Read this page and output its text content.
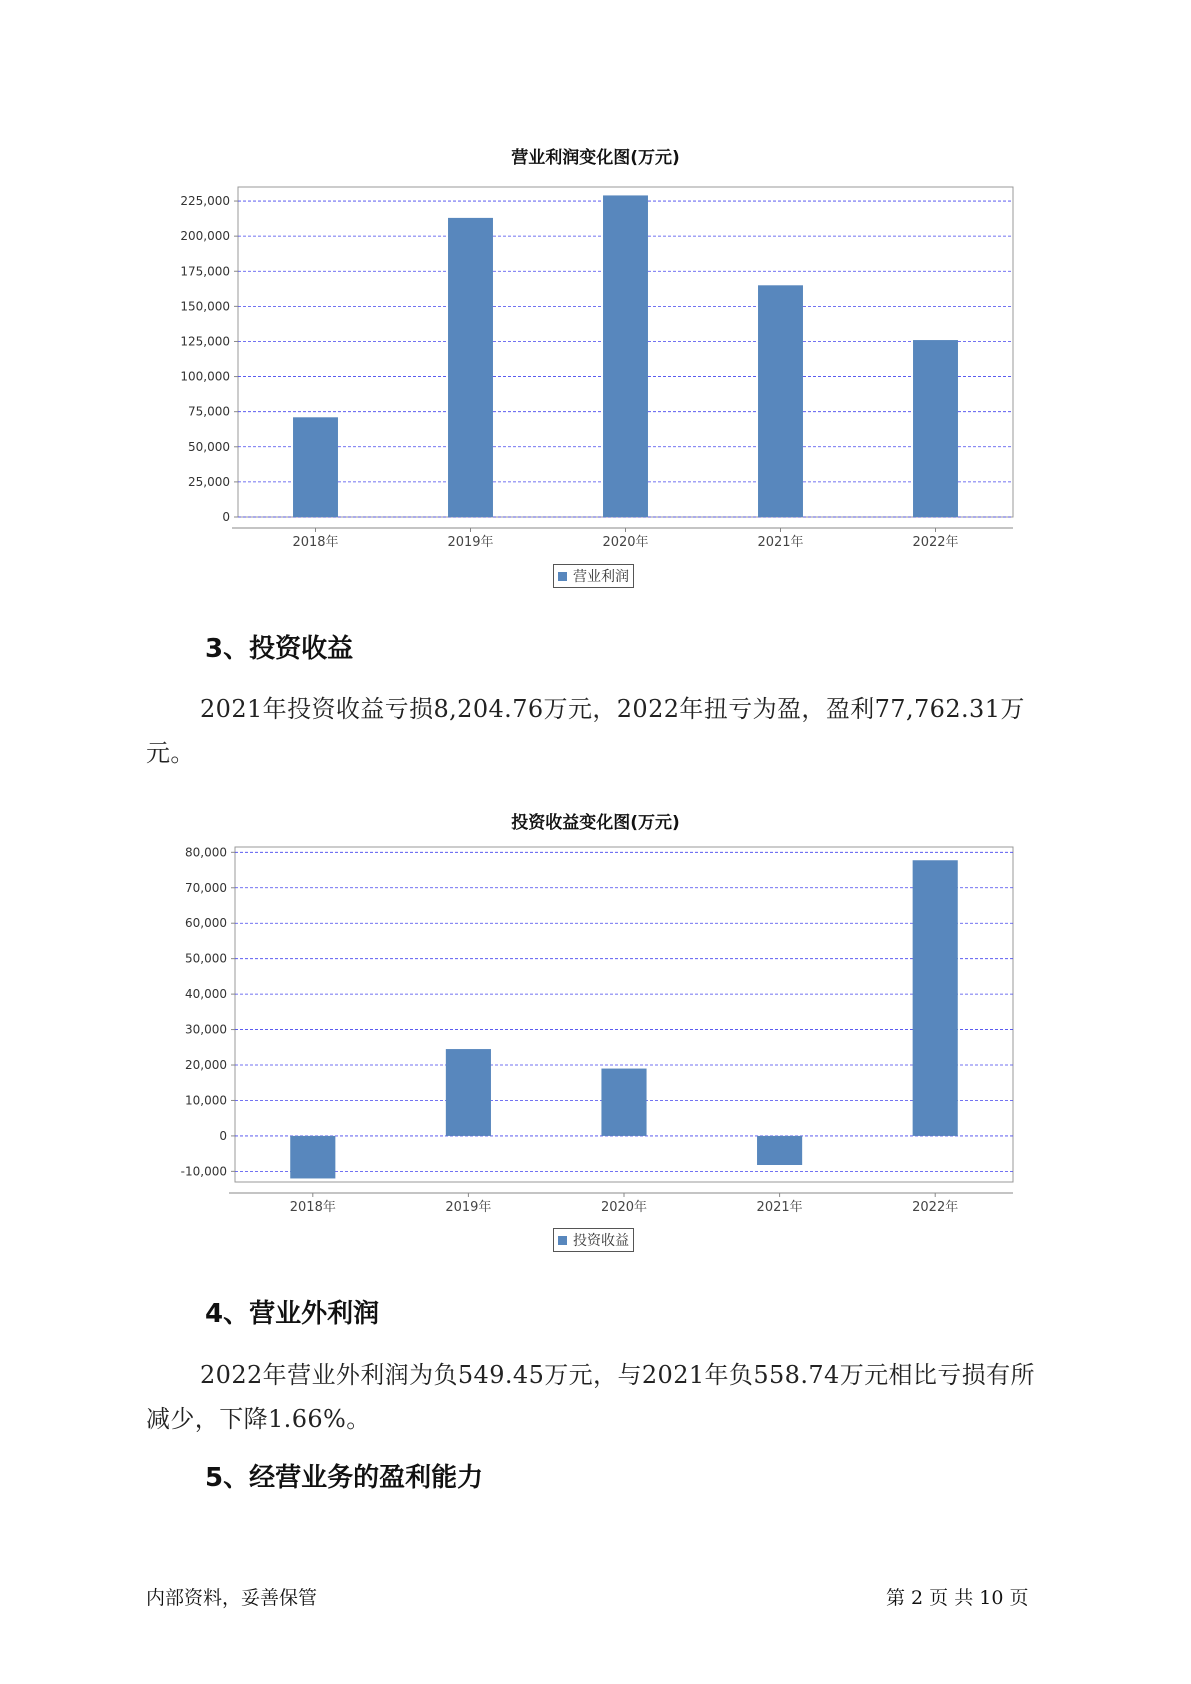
营业利润变化图(万元)
0
25,000
50,000
75,000
100,000
125,000
150,000
175,000
200,000
225,000
2018年	2019年	2020年	2021年	2022年
营业利润
3、投资收益
2021年投资收益亏损8,204.76万元，2022年扭亏为盈，盈利77,762.31万元。
投资收益变化图(万元)
-10,000
0
10,000
20,000
30,000
40,000
50,000
60,000
70,000
80,000
2018年	2019年	2020年	2021年	2022年
投资收益
4、营业外利润
2022年营业外利润为负549.45万元，与2021年负558.74万元相比亏损有所减少，下降1.66%。
5、经营业务的盈利能力
内部资料，妥善保管	第 2 页 共 10 页
